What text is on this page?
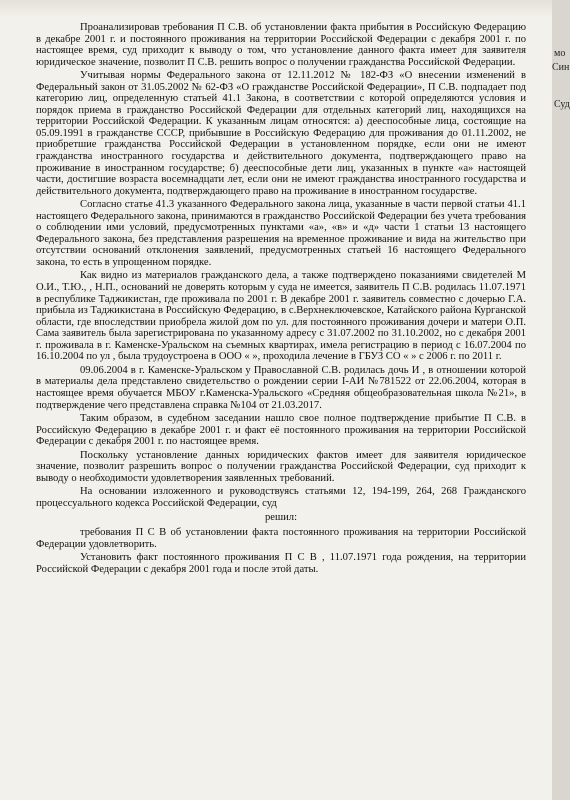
Проанализировав требования П С.В. об установлении факта прибытия в Российскую Федерацию в декабре 2001 г. и постоянного проживания на территории Российской Федерации с декабря 2001 г. по настоящее время, суд приходит к выводу о том, что установление данного факта имеет для заявителя юридическое значение, позволит П С.В. решить вопрос о получении гражданства Российской Федерации.

Учитывая нормы Федерального закона от 12.11.2012 № 182-ФЗ «О внесении изменений в Федеральный закон от 31.05.2002 № 62-ФЗ «О гражданстве Российской Федерации», П С.В. подпадает под категорию лиц, определенную статьей 41.1 Закона, в соответствии с которой определяются условия и порядок приема в гражданство Российской Федерации для отдельных категорий лиц, находящихся на территории Российской Федерации. К указанным лицам относятся: а) дееспособные лица, состоящие на 05.09.1991 в гражданстве СССР, прибывшие в Российскую Федерацию для проживания до 01.11.2002, не приобретшие гражданства Российской Федерации в установленном порядке, если они не имеют гражданства иностранного государства и действительного документа, подтверждающего право на проживание в иностранном государстве; б) дееспособные дети лиц, указанных в пункте «а» настоящей части, достигшие возраста восемнадцати лет, если они не имеют гражданства иностранного государства и действительного документа, подтверждающего право на проживание в иностранном государстве.

Согласно статье 41.3 указанного Федерального закона лица, указанные в части первой статьи 41.1 настоящего Федерального закона, принимаются в гражданство Российской Федерации без учета требования о соблюдении ими условий, предусмотренных пунктами «а», «в» и «д» части 1 статьи 13 настоящего Федерального закона, без представления разрешения на временное проживание и вида на жительство при отсутствии оснований отклонения заявлений, предусмотренных статьей 16 настоящего Федерального закона, то есть в упрощенном порядке.

Как видно из материалов гражданского дела, а также подтверждено показаниями свидетелей М О.И., Т.Ю., , Н.П., оснований не доверять которым у суда не имеется, заявитель П С.В. родилась 11.07.1971 в республике Таджикистан, где проживала по 2001 г. В декабре 2001 г. заявитель совместно с дочерью Г.А. прибыла из Таджикистана в Российскую Федерацию, в с.Верхнеключевское, Катайского района Курганской области, где впоследствии приобрела жилой дом по ул. для постоянного проживания дочери и матери О.П. Сама заявитель была зарегистрирована по указанному адресу с 31.07.2002 по 31.10.2002, но с декабря 2001 г. проживала в г. Каменске-Уральском на съемных квартирах, имела регистрацию в период с 16.07.2004 по 16.10.2004 по ул , была трудоустроена в ООО « », проходила лечение в ГБУЗ СО « » с 2006 г. по 2011 г.

09.06.2004 в г. Каменске-Уральском у Православной С.В. родилась дочь И , в отношении которой в материалы дела представлено свидетельство о рождении серии I-АИ №781522 от 22.06.2004, которая в настоящее время обучается МБОУ г.Каменска-Уральского «Средняя общеобразовательная школа №21», в подтверждение чего представлена справка №104 от 21.03.2017.

Таким образом, в судебном заседании нашло свое полное подтверждение прибытие П С.В. в Российскую Федерацию в декабре 2001 г. и факт её постоянного проживания на территории Российской Федерации с декабря 2001 г. по настоящее время.

Поскольку установление данных юридических фактов имеет для заявителя юридическое значение, позволит разрешить вопрос о получении гражданства Российской Федерации, суд приходит к выводу о необходимости удовлетворения заявленных требований.

На основании изложенного и руководствуясь статьями 12, 194-199, 264, 268 Гражданского процессуального кодекса Российской Федерации, суд

решил:

требования П С В об установлении факта постоянного проживания на территории Российской Федерации удовлетворить.

Установить факт постоянного проживания П С В , 11.07.1971 года рождения, на территории Российской Федерации с декабря 2001 года и после этой даты.

мо
Син
Суд
